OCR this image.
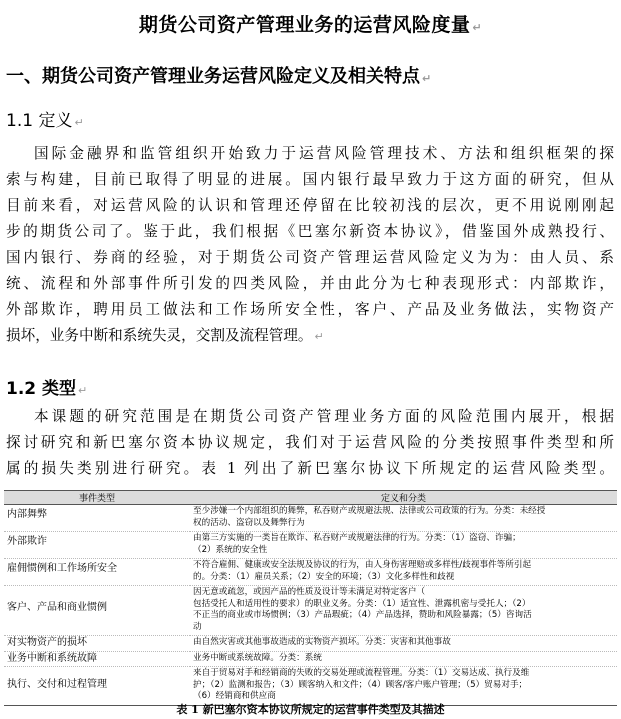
期货公司资产管理业务的运营风险度量 ↵
一、期货公司资产管理业务运营风险定义及相关特点 ↵
1.1 定义 ↵
国际金融界和监管组织开始致力于运营风险管理技术、方法和组织框架的探
索与构建，目前已取得了明显的进展。国内银行最早致力于这方面的研究，但从
目前来看，对运营风险的认识和管理还停留在比较初浅的层次，更不用说刚刚起
步的期货公司了。鉴于此，我们根据《巴塞尔新资本协议》，借鉴国外成熟投行、
国内银行、券商的经验，对于期货公司资产管理运营风险定义为为：由人员、系
统、流程和外部事件所引发的四类风险，并由此分为七种表现形式：内部欺诈，
外部欺诈，聘用员工做法和工作场所安全性，客户、产品及业务做法，实物资产
损坏，业务中断和系统失灵，交割及流程管理。 ↵
1.2 类型 ↵
本课题的研究范围是在期货公司资产管理业务方面的风险范围内展开，根据
探讨研究和新巴塞尔资本协议规定，我们对于运营风险的分类按照事件类型和所
属的损失类别进行研究。表 1 列出了新巴塞尔协议下所规定的运营风险类型。
事件类型	定义和分类
内部舞弊	至少涉嫌一个内部组织的舞弊，私吞财产或规避法规、法律或公司政策的行为。分类：未经授
权的活动、盗窃以及舞弊行为

外部欺诈	由第三方实施的一类旨在欺诈、私吞财产或规避法律的行为。分类：（1）盗窃、诈骗；
（2）系统的安全性

雇佣惯例和工作场所安全	不符合雇佣、健康或安全法规及协议的行为，由人身伤害理赔或多样性/歧视事件等所引起
的。分类：（1）雇员关系；（2）安全的环境；（3）文化多样性和歧视

客户、产品和商业惯例	因无意或疏忽，或因产品的性质及设计等未满足对特定客户（
包括受托人和适用性的要求）的职业义务。分类：（1）适宜性、泄露机密与受托人；（2）
不正当的商业或市场惯例；（3）产品瑕疵；（4）产品选择，赞助和风险暴露；（5）咨询活
动

对实物资产的损坏	由自然灾害或其他事故造成的实物资产损坏。分类：灾害和其他事故

业务中断和系统故障	业务中断或系统故障。分类：系统

执行、交付和过程管理	来自于贸易对手和经销商的失败的交易处理或流程管理。分类：（1）交易达成、执行及维
护；（2）监测和报告；（3）顾客纳入和文件；（4）顾客/客户账户管理；（5）贸易对手；
（6）经销商和供应商
表 1 新巴塞尔资本协议所规定的运营事件类型及其描述
